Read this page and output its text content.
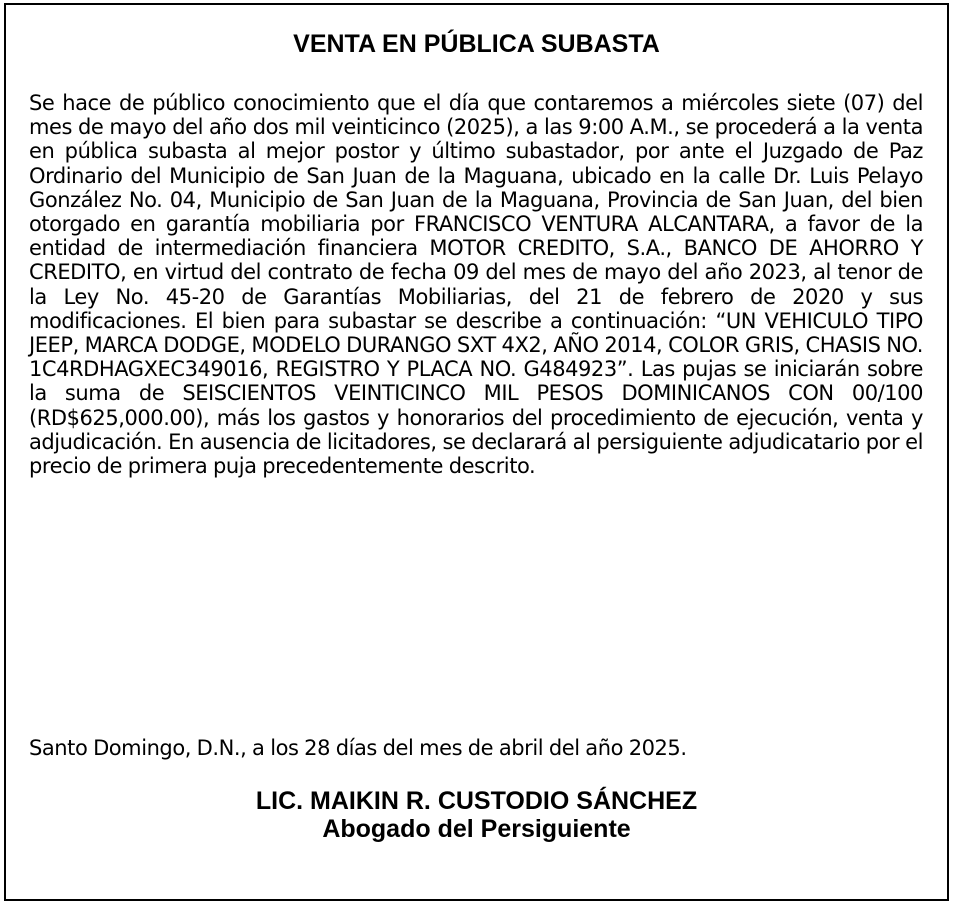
VENTA EN PÚBLICA SUBASTA

Se hace de público conocimiento que el día que contaremos a miércoles siete (07) del mes de mayo del año dos mil veinticinco (2025), a las 9:00 A.M., se procederá a la venta en pública subasta al mejor postor y último subastador, por ante el Juzgado de Paz Ordinario del Municipio de San Juan de la Maguana, ubicado en la calle Dr. Luis Pelayo González No. 04, Municipio de San Juan de la Maguana, Provincia de San Juan, del bien otorgado en garantía mobiliaria por FRANCISCO VENTURA ALCANTARA, a favor de la entidad de intermediación financiera MOTOR CREDITO, S.A., BANCO DE AHORRO Y CREDITO, en virtud del contrato de fecha 09 del mes de mayo del año 2023, al tenor de la Ley No. 45-20 de Garantías Mobiliarias, del 21 de febrero de 2020 y sus modificaciones. El bien para subastar se describe a continuación: “UN VEHICULO TIPO JEEP, MARCA DODGE, MODELO DURANGO SXT 4X2, AÑO 2014, COLOR GRIS, CHASIS NO. 1C4RDHAGXEC349016, REGISTRO Y PLACA NO. G484923”. Las pujas se iniciarán sobre la suma de SEISCIENTOS VEINTICINCO MIL PESOS DOMINICANOS CON 00/100 (RD$625,000.00), más los gastos y honorarios del procedimiento de ejecución, venta y adjudicación. En ausencia de licitadores, se declarará al persiguiente adjudicatario por el precio de primera puja precedentemente descrito.

Santo Domingo, D.N., a los 28 días del mes de abril del año 2025.

LIC. MAIKIN R. CUSTODIO SÁNCHEZ
Abogado del Persiguiente
